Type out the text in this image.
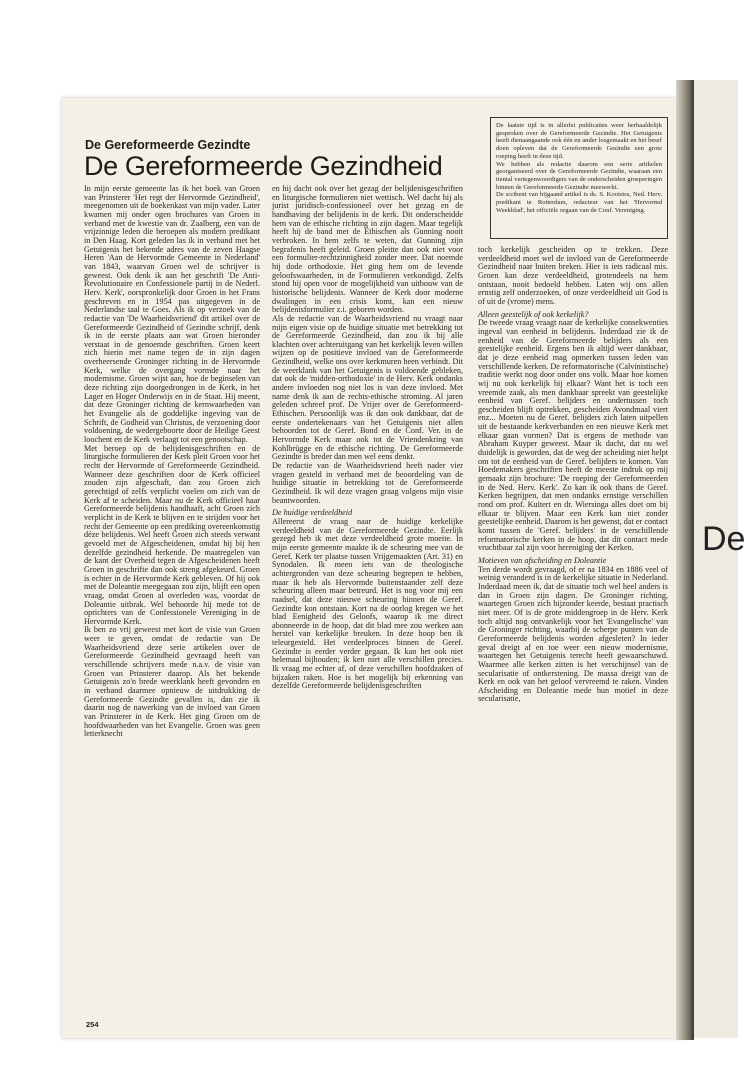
De
De Gereformeerde Gezindte
De Gereformeerde Gezindheid

De laatste tijd is in allerlei publicaties weer herhaaldelijk gesproken over de Gereformeerde Gezindte. Het Getuigenis heeft dienaangaande ook één en ander losgemaakt en het besef doen opleven dat de Gereformeerde Gezindte een grote roeping heeft in deze tijd.

We hebben als redactie daarom een serie artikelen georganiseerd over de Gereformeerde Gezindte, waaraan een tiental vertegenwoordigers van de onderscheiden groeperingen binnen de Gereformeerde Gezindte meewerkt.

De scribent van bijgaand artikel is ds. S. Kooistra, Ned. Herv. predikant te Rotterdam, redacteur van het 'Hervormd Weekblad', het officiële orgaan van de Conf. Vereniging.

In mijn eerste gemeente las ik het boek van Groen van Prinsterer 'Het regt der Hervormde Gezindheid', meegenomen uit de boekenkast van mijn vader. Later kwamen mij onder ogen brochures van Groen in verband met de kwestie van dr. Zaalberg, een van de vrijzinnige leden die beroepen als modern predikant in Den Haag. Kort geleden las ik in verband met het Getuigenis het bekende adres van de zeven Haagse Heren 'Aan de Hervormde Gemeente in Nederland' van 1843, waarvan Groen wel de schrijver is geweest. Ook denk ik aan het geschrift 'De Anti-Revolutionaire en Confessionele partij in de Nederl. Herv. Kerk', oorspronkelijk door Groen in het Frans geschreven en in 1954 pas uitgegeven in de Nederlandse taal te Goes. Als ik op verzoek van de redactie van 'De Waarheidsvriend' dit artikel over de Gereformeerde Gezindheid of Gezindte schrijf, denk ik in de eerste plaats aan wat Groen hieronder verstaat in de genoemde geschriften. Groen keert zich hierin met name tegen de in zijn dagen overheersende Groninger richting in de Hervormde Kerk, welke de overgang vormde naar het modernisme. Groen wijst aan, hoe de beginselen van deze richting zijn doorgedrongen in de Kerk, in het Lager en Hoger Onderwijs en in de Staat. Hij meent, dat deze Groninger richting de kernwaarheden van het Evangelie als de goddelijke ingeving van de Schrift, de Godheid van Christus, de verzoening door voldoening, de wedergeboorte door de Heilige Geest loochent en de Kerk verlaagt tot een genootschap.

Met beroep op de belijdenisgeschriften en de liturgische formulieren der Kerk pleit Groen voor het recht der Hervormde of Gereformeerde Gezindheid. Wanneer deze geschriften door de Kerk officieel zouden zijn afgeschaft, dan zou Groen zich gerechtigd of zelfs verplicht voelen om zich van de Kerk af te scheiden. Maar nu de Kerk officieel haar Gereformeerde belijdenis handhaaft, acht Groen zich verplicht in de Kerk te blijven en te strijden voor het recht der Gemeente op een prediking overeenkomstig déze belijdenis. Wel heeft Groen zich steeds verwant gevoeld met de Afgescheidenen, omdat hij bij hen dezelfde gezindheid herkende. De maatregelen van de kant der Overheid tegen de Afgescheidenen heeft Groen in geschrifte dan ook streng afgekeurd. Groen is echter in de Hervormde Kerk gebleven. Of hij ook met de Doleantie meegegaan zou zijn, blijft een open vraag, omdat Groen al overleden was, voordat de Doleantie uitbrak. Wel behoorde hij mede tot de oprichters van de Confessionele Vereniging in de Hervormde Kerk.

Ik ben zo vrij geweest met kort de visie van Groen weer te geven, omdat de redactie van De Waarheidsvriend deze serie artikelen over de Gereformeerde Gezindheid gevraagd heeft van verschillende schrijvers mede n.a.v. de visie van Groen van Prinsterer daarop. Als het bekende Getuigenis zo'n brede weerklank heeft gevonden en in verband daarmee opnieuw de uitdrukking de Gereformeerde Gezindte gevallen is, dan zie ik daarin nog de nawerking van de invloed van Groen van Prinsterer in de Kerk. Het ging Groen om de hoofdwaarheden van het Evangelie. Groen was geen letterknecht

en hij dacht ook over het gezag der belijdenisgeschriften en liturgische formulieren niet wettisch. Wel dacht hij als jurist juridisch-confessioneel over het gezag en de handhaving der belijdenis in de kerk. Dit onderscheidde hem van de ethische richting in zijn dagen. Maar tegelijk heeft hij de band met de Ethischen als Gunning nooit verbroken. In hem zelfs te weten, dat Gunning zijn begrafenis heeft geleid. Groen pleitte dan ook niet voor een formulier-rechtzinnigheid zonder meer. Dat noemde hij dode orthodoxie. Het ging hem om de levende geloofswaarheden, in de Formulieren verkondigd. Zelfs stond hij open voor de mogelijkheid van uitbouw van de historische belijdenis. Wanneer de Kerk door moderne dwalingen in een crisis komt, kan een nieuw belijdenisformulier z.i. geboren worden.

Als de redactie van de Waarheidsvriend nu vraagt naar mijn eigen visie op de huidige situatie met betrekking tot de Gereformeerde Gezindheid, dan zou ik bij alle klachten over achteruitgang van het kerkelijk leven willen wijzen op de positieve invloed van de Gereformeerde Gezindheid, welke ons over kerkmuren heen verbindt. Dit de weerklank van het Getuigenis is voldoende gebleken, dat ook de 'midden-orthodoxie' in de Herv. Kerk ondanks andere invloeden nog niet los is van deze invloed. Met name denk ik aan de rechts-ethische stroming. Al jaren geleden schreef prof. De Vrijer over de Gereformeerd-Ethischen. Persoonlijk was ik dan ook dankbaar, dat de eerste ondertekenaars van het Getuigenis niet allen behoorden tot de Geref. Bond en de Conf. Ver. in de Hervormde Kerk maar ook tot de Vriendenkring van Kohlbrügge en de ethische richting. De Gereformeerde Gezindte is breder dan men wel eens denkt.

De redactie van de Waarheidsvriend heeft nader vier vragen gesteld in verband met de beoordeling van de huidige situatie in betrekking tot de Gereformeerde Gezindheid. Ik wil deze vragen graag volgens mijn visie beantwoorden.

De huidige verdeeldheid

Allereerst de vraag naar de huidige kerkelijke verdeeldheid van de Gereformeerde Gezindte. Eerlijk gezegd heb ik met deze verdeeldheid grote moeite. In mijn eerste gemeente maakte ik de scheuring mee van de Geref. Kerk ter plaatse tussen Vrijgemaakten (Art. 31) en Synodalen. Ik meen iets van de theologische achtergronden van deze scheuring begrepen te hebben, maar ik heb als Hervormde buitenstaander zelf deze scheuring alleen maar betreurd. Het is nog voor mij een raadsel, dat deze nieuwe scheuring binnen de Geref. Gezindte kon ontstaan. Kort na de oorlog kregen we het blad Eenigheid des Geloofs, waarop ik me direct abonneerde in de hoop, dat dit blad mee zou werken aan herstel van kerkelijke breuken. In deze hoop ben ik teleurgesteld. Het verdeelproces binnen de Geref. Gezindte is eerder verder gegaan. Ik kan het ook niet helemaal bijhouden; ik ken niet alle verschillen precies. Ik vraag me echter af, of deze verschillen hoofdzaken of bijzaken raken. Hoe is het mogelijk bij erkenning van dezelfde Gereformeerde belijdenisgeschriften

toch kerkelijk gescheiden op te trekken. Deze verdeeldheid moet wel de invloed van de Gereformeerde Gezindheid naar buiten breken. Hier is iets radicaal mis. Groen kan deze verdeeldheid, grotendeels na hem ontstaan, nooit bedoeld hebben. Laten wij ons allen ernstig zelf onderzoeken, of onze verdeeldheid uit God is of uit de (vrome) mens.

Alleen geestelijk of ook kerkelijk?

De tweede vraag vraagt naar de kerkelijke consekwenties ingeval van eenheid in belijdenis. Inderdaad zie ik de eenheid van de Gereformeerde belijders als een geestelijke eenheid. Ergens ben ik altijd weer dankbaar, dat je deze eenheid mag opmerken tussen leden van verschillende kerken. De reformatorische (Calvinistische) traditie werkt nog door onder ons volk. Maar hoe komen wij nu ook kerkelijk bij elkaar? Want het is toch een vreemde zaak, als men dankbaar spreekt van geestelijke eenheid van Geref. belijders en ondertussen toch gescheiden blijft optrekken, gescheiden Avondmaal viert enz... Moeten nu de Geref. belijders zich laten uitpellen uit de bestaande kerkverbanden en een nieuwe Kerk met elkaar gaan vormen? Dat is ergens de methode van Abraham Kuyper geweest. Maar ik dacht, dat nu wel duidelijk is geworden, dat de weg der scheiding niet helpt om tot de eenheid van de Geref. belijders te komen. Van Hoedemakers geschriften heeft de meeste indruk op mij gemaakt zijn brochure: 'De roeping der Gereformeerden in de Ned. Herv. Kerk'. Zo kan ik ook thans de Geref. Kerken begrijpen, dat men ondanks ernstige verschillen rond om prof. Kuitert en dr. Wiersinga alles doet om bij elkaar te blijven. Maar een Kerk kan niet zonder geestelijke eenheid. Daarom is het gewenst, dat er contact komt tussen de 'Geref. belijders' in de verschillende reformatorische kerken in de hoop, dat dit contact mede vruchtbaar zal zijn voor hereniging der Kerken.

Motieven van afscheiding en Doleantie

Ten derde wordt gevraagd, of er na 1834 en 1886 veel of weinig veranderd is in de kerkelijke situatie in Nederland. Inderdaad meen ik, dat de situatie toch wel heel anders is dan in Groen zijn dagen. De Groninger richting, waartegen Groen zich bijzonder keerde, bestaat practisch niet meer. Of is de grote middengroep in de Herv. Kerk toch altijd nog ontvankelijk voor het 'Evangelische' van de Groninger richting, waarbij de scherpe punten van de Gereformeerde belijdenis worden afgesleten? In ieder geval dreigt af en toe weer een nieuw modernisme, waartegen het Getuigenis terecht heeft gewaarschuwd. Waarmee alle kerken zitten is het verschijnsel van de secularisatie of ontkerstening. De massa dreigt van de Kerk en ook van het geloof vervreemd te raken. Vinden Afscheiding en Doleantie mede hun motief in deze secularisatie,

254
